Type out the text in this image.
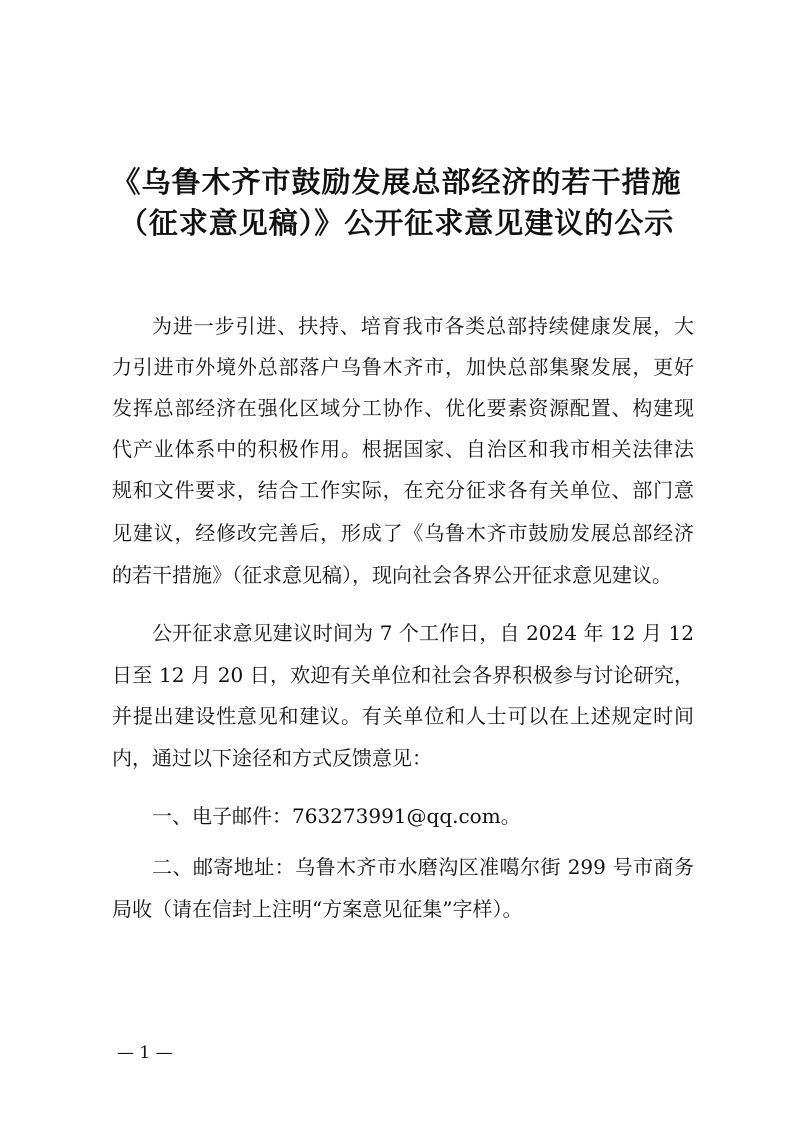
《乌鲁木齐市鼓励发展总部经济的若干措施
（征求意见稿）》公开征求意见建议的公示

为进一步引进、扶持、培育我市各类总部持续健康发展，大

力引进市外境外总部落户乌鲁木齐市，加快总部集聚发展，更好

发挥总部经济在强化区域分工协作、优化要素资源配置、构建现

代产业体系中的积极作用。根据国家、自治区和我市相关法律法

规和文件要求，结合工作实际，在充分征求各有关单位、部门意

见建议，经修改完善后，形成了《乌鲁木齐市鼓励发展总部经济

的若干措施》（征求意见稿），现向社会各界公开征求意见建议。

公开征求意见建议时间为 7 个工作日，自 2024 年 12 月 12

日至 12 月 20 日，欢迎有关单位和社会各界积极参与讨论研究，

并提出建设性意见和建议。有关单位和人士可以在上述规定时间

内，通过以下途径和方式反馈意见：

一、电子邮件：763273991@qq.com。

二、邮寄地址：乌鲁木齐市水磨沟区准噶尔街 299 号市商务

局收（请在信封上注明“方案意见征集”字样）。

— 1 —
